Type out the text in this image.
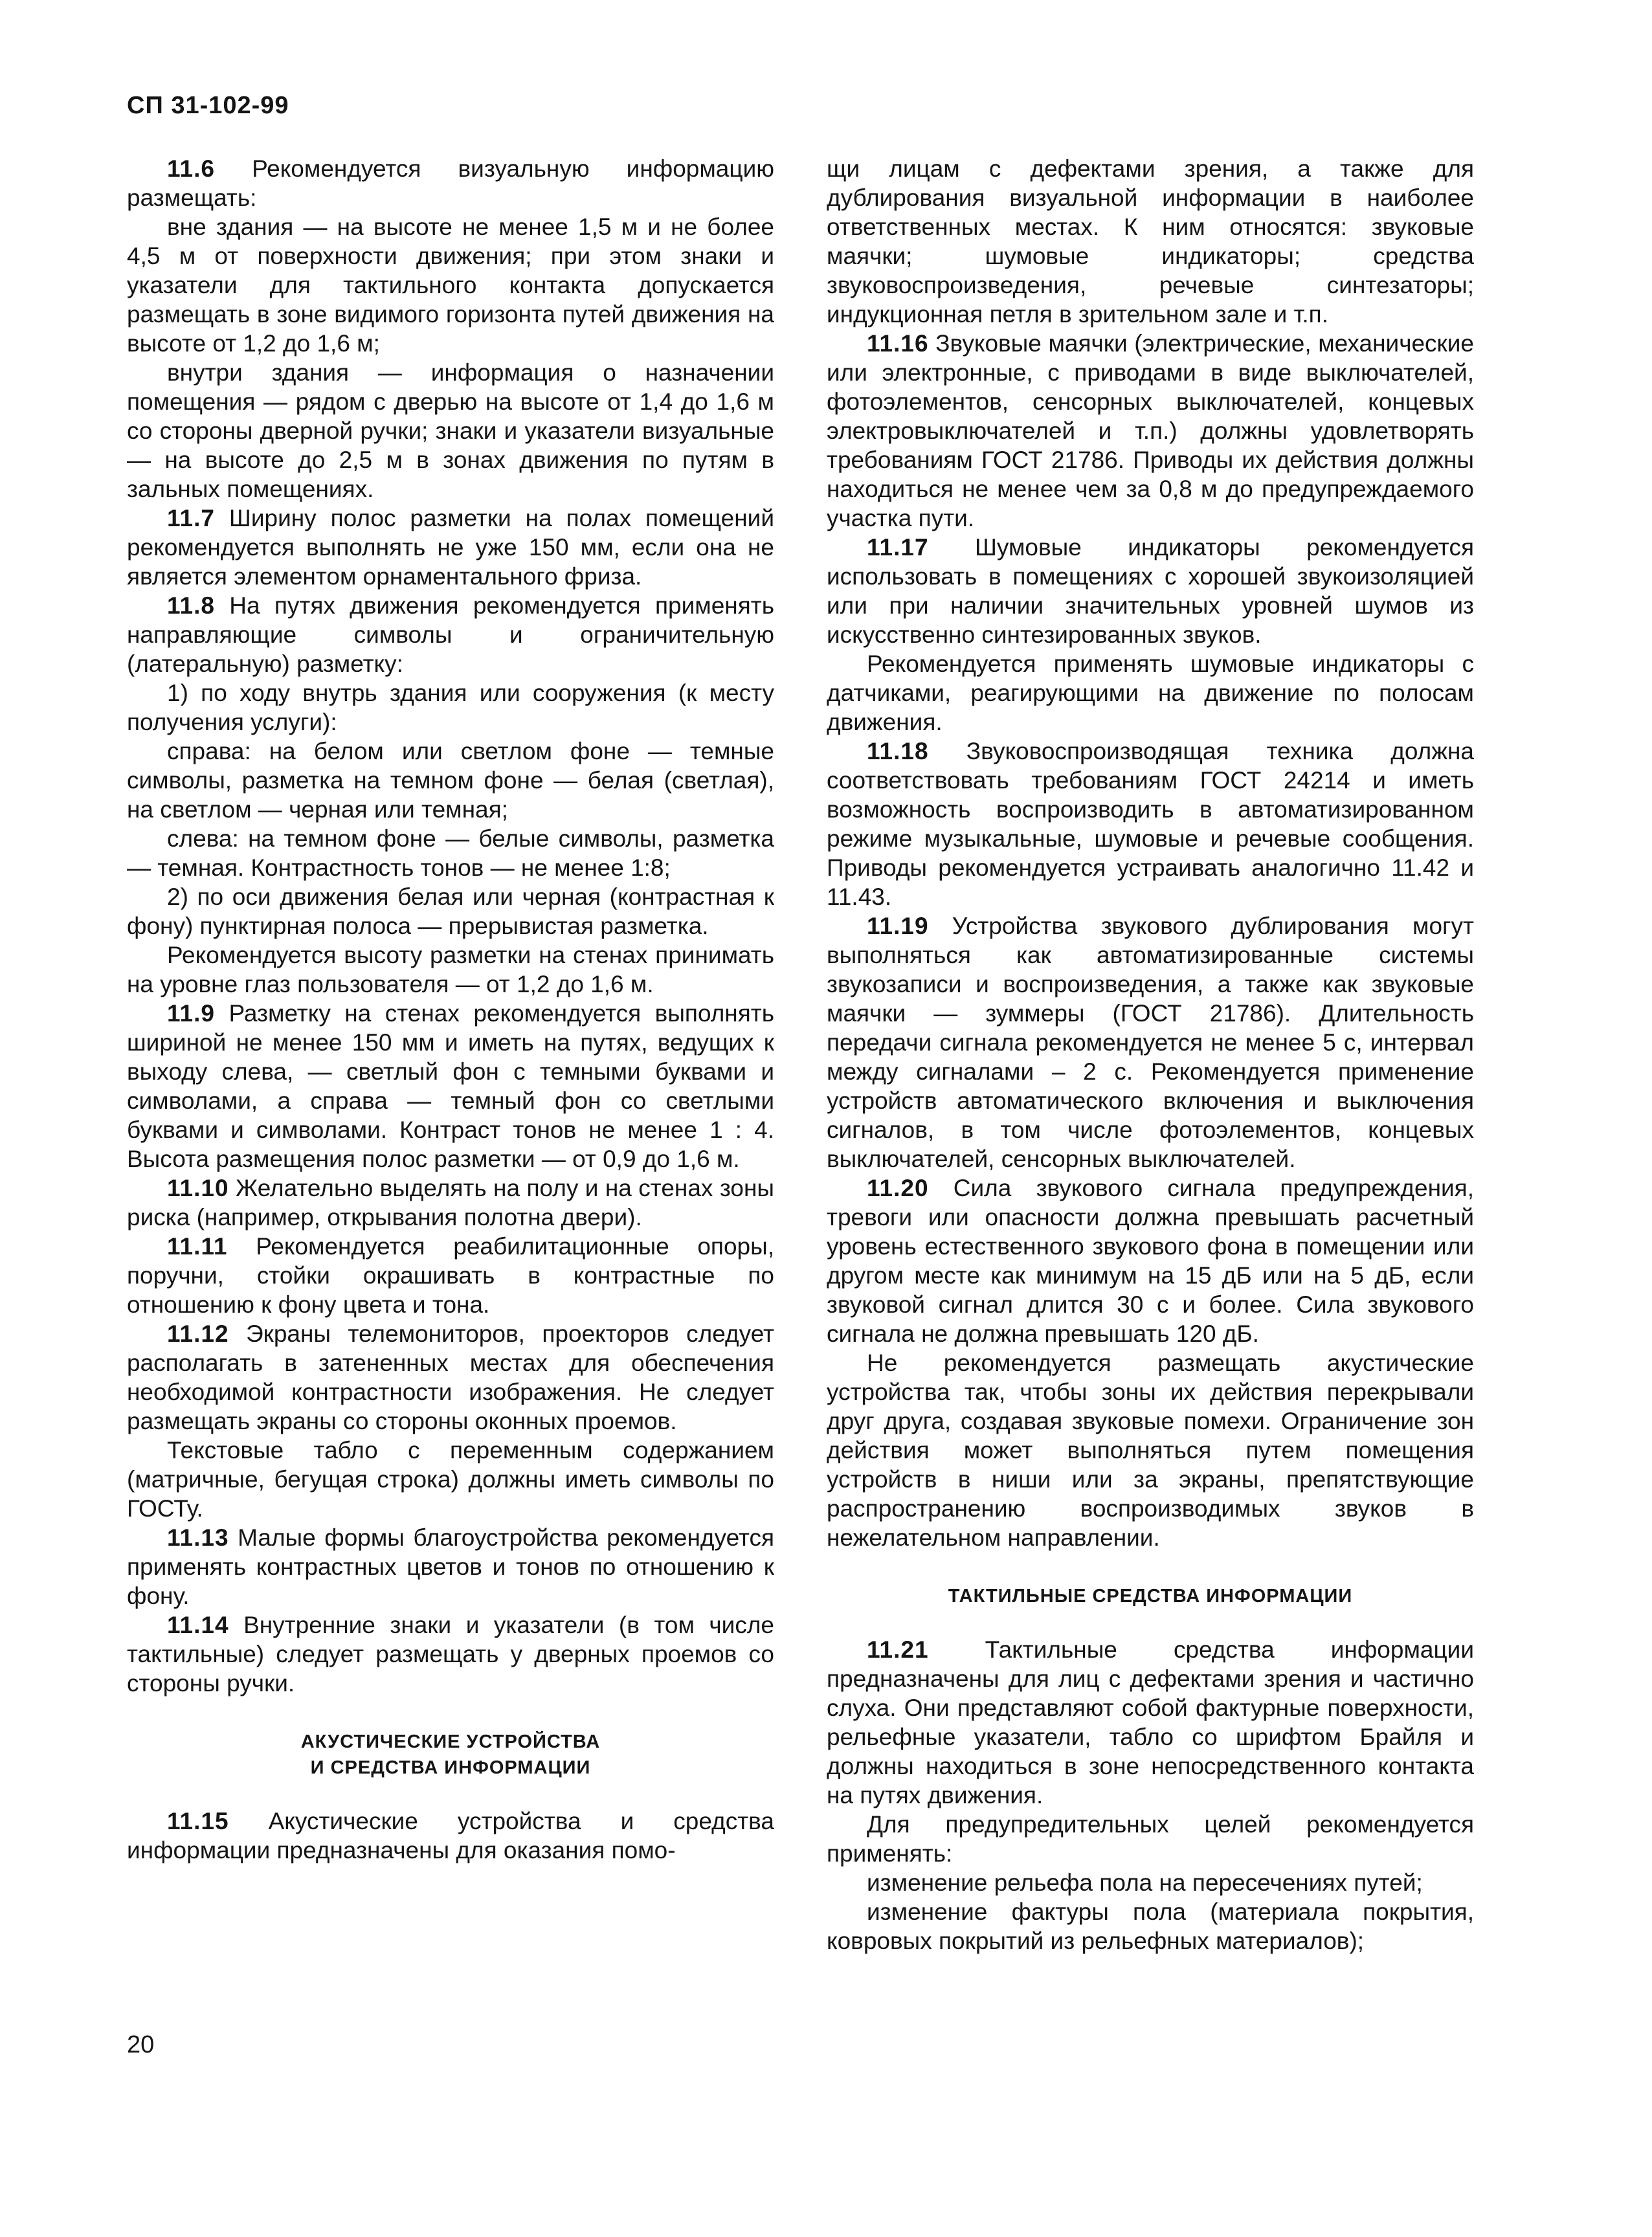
СП 31-102-99

11.6 Рекомендуется визуальную информацию размещать:

вне здания — на высоте не менее 1,5 м и не более 4,5 м от поверхности движения; при этом знаки и указатели для тактильного контакта допускается размещать в зоне видимого горизонта путей движения на высоте от 1,2 до 1,6 м;

внутри здания — информация о назначении помещения — рядом с дверью на высоте от 1,4 до 1,6 м со стороны дверной ручки; знаки и указатели визуальные — на высоте до 2,5 м в зонах движения по путям в зальных помещениях.

11.7 Ширину полос разметки на полах помещений рекомендуется выполнять не уже 150 мм, если она не является элементом орнаментального фриза.

11.8 На путях движения рекомендуется применять направляющие символы и ограничительную (латеральную) разметку:

1) по ходу внутрь здания или сооружения (к месту получения услуги):

справа: на белом или светлом фоне — темные символы, разметка на темном фоне — белая (светлая), на светлом — черная или темная;

слева: на темном фоне — белые символы, разметка — темная. Контрастность тонов — не менее 1:8;

2) по оси движения белая или черная (контрастная к фону) пунктирная полоса — прерывистая разметка.

Рекомендуется высоту разметки на стенах принимать на уровне глаз пользователя — от 1,2 до 1,6 м.

11.9 Разметку на стенах рекомендуется выполнять шириной не менее 150 мм и иметь на путях, ведущих к выходу слева, — светлый фон с темными буквами и символами, а справа — темный фон со светлыми буквами и символами. Контраст тонов не менее 1 : 4. Высота размещения полос разметки — от 0,9 до 1,6 м.

11.10 Желательно выделять на полу и на стенах зоны риска (например, открывания полотна двери).

11.11 Рекомендуется реабилитационные опоры, поручни, стойки окрашивать в контрастные по отношению к фону цвета и тона.

11.12 Экраны телемониторов, проекторов следует располагать в затененных местах для обеспечения необходимой контрастности изображения. Не следует размещать экраны со стороны оконных проемов.

Текстовые табло с переменным содержанием (матричные, бегущая строка) должны иметь символы по ГОСТу.

11.13 Малые формы благоустройства рекомендуется применять контрастных цветов и тонов по отношению к фону.

11.14 Внутренние знаки и указатели (в том числе тактильные) следует размещать у дверных проемов со стороны ручки.

АКУСТИЧЕСКИЕ УСТРОЙСТВА
И СРЕДСТВА ИНФОРМАЦИИ

11.15 Акустические устройства и средства информации предназначены для оказания помо-

щи лицам с дефектами зрения, а также для дублирования визуальной информации в наиболее ответственных местах. К ним относятся: звуковые маячки; шумовые индикаторы; средства звуковоспроизведения, речевые синтезаторы; индукционная петля в зрительном зале и т.п.

11.16 Звуковые маячки (электрические, механические или электронные, с приводами в виде выключателей, фотоэлементов, сенсорных выключателей, концевых электровыключателей и т.п.) должны удовлетворять требованиям ГОСТ 21786. Приводы их действия должны находиться не менее чем за 0,8 м до предупреждаемого участка пути.

11.17 Шумовые индикаторы рекомендуется использовать в помещениях с хорошей звукоизоляцией или при наличии значительных уровней шумов из искусственно синтезированных звуков.

Рекомендуется применять шумовые индикаторы с датчиками, реагирующими на движение по полосам движения.

11.18 Звуковоспроизводящая техника должна соответствовать требованиям ГОСТ 24214 и иметь возможность воспроизводить в автоматизированном режиме музыкальные, шумовые и речевые сообщения. Приводы рекомендуется устраивать аналогично 11.42 и 11.43.

11.19 Устройства звукового дублирования могут выполняться как автоматизированные системы звукозаписи и воспроизведения, а также как звуковые маячки — зуммеры (ГОСТ 21786). Длительность передачи сигнала рекомендуется не менее 5 с, интервал между сигналами – 2 с. Рекомендуется применение устройств автоматического включения и выключения сигналов, в том числе фотоэлементов, концевых выключателей, сенсорных выключателей.

11.20 Сила звукового сигнала предупреждения, тревоги или опасности должна превышать расчетный уровень естественного звукового фона в помещении или другом месте как минимум на 15 дБ или на 5 дБ, если звуковой сигнал длится 30 с и более. Сила звукового сигнала не должна превышать 120 дБ.

Не рекомендуется размещать акустические устройства так, чтобы зоны их действия перекрывали друг друга, создавая звуковые помехи. Ограничение зон действия может выполняться путем помещения устройств в ниши или за экраны, препятствующие распространению воспроизводимых звуков в нежелательном направлении.

ТАКТИЛЬНЫЕ СРЕДСТВА ИНФОРМАЦИИ

11.21 Тактильные средства информации предназначены для лиц с дефектами зрения и частично слуха. Они представляют собой фактурные поверхности, рельефные указатели, табло со шрифтом Брайля и должны находиться в зоне непосредственного контакта на путях движения.

Для предупредительных целей рекомендуется применять:

изменение рельефа пола на пересечениях путей;

изменение фактуры пола (материала покрытия, ковровых покрытий из рельефных материалов);

20
